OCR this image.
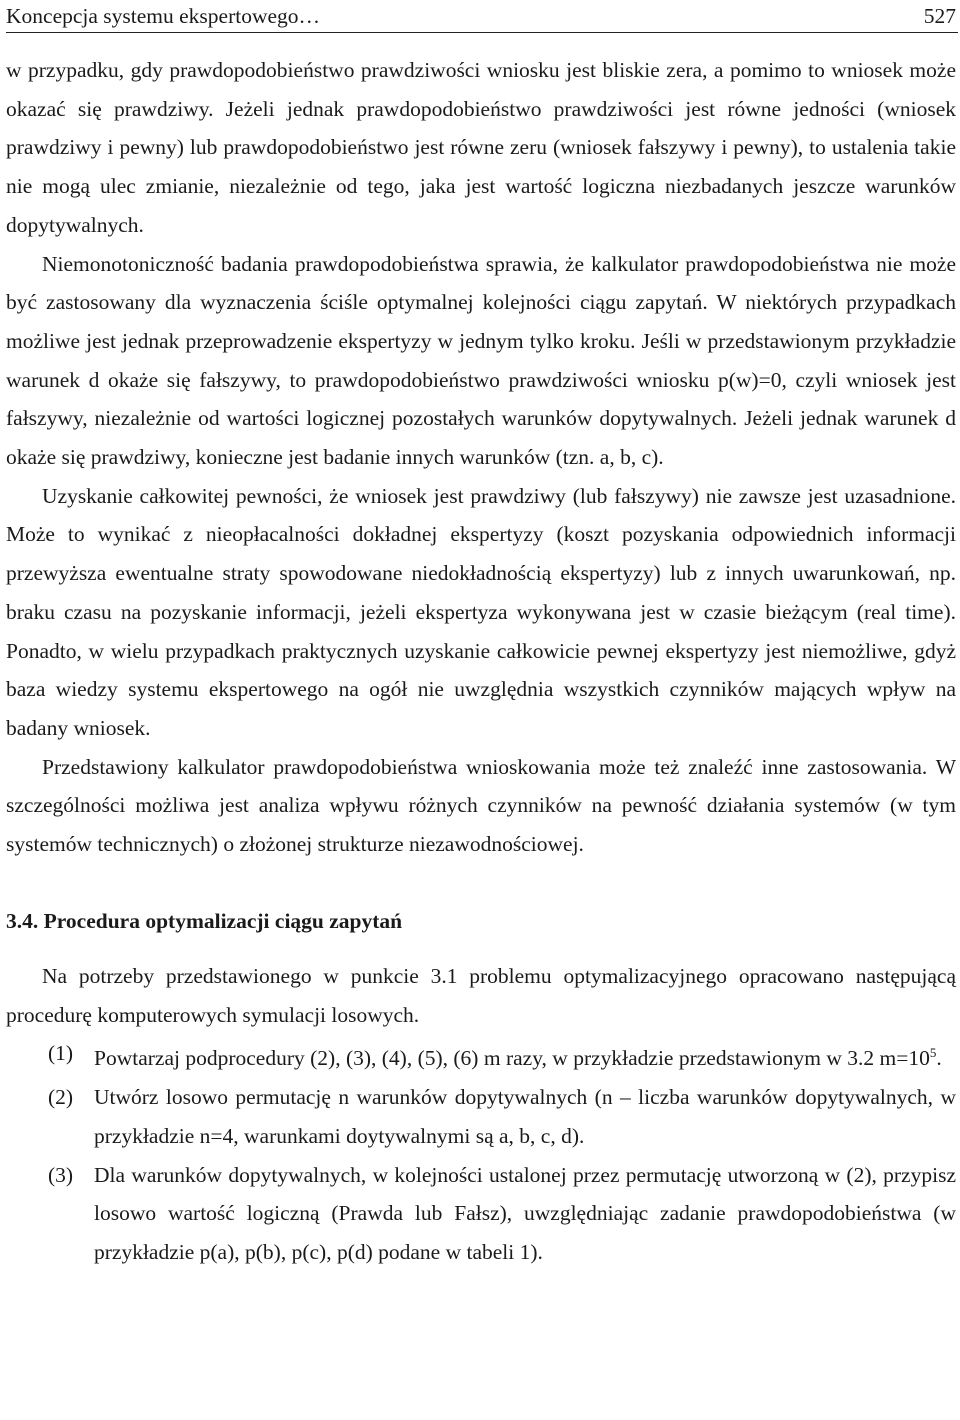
Koncepcja systemu ekspertowego…	527

w przypadku, gdy prawdopodobieństwo prawdziwości wniosku jest bliskie zera, a pomimo to wniosek może okazać się prawdziwy. Jeżeli jednak prawdopodobieństwo prawdziwości jest równe jedności (wniosek prawdziwy i pewny) lub prawdopodobieństwo jest równe zeru (wniosek fałszywy i pewny), to ustalenia takie nie mogą ulec zmianie, niezależnie od tego, jaka jest wartość logiczna niezbadanych jeszcze warunków dopytywalnych.

Niemonotoniczność badania prawdopodobieństwa sprawia, że kalkulator prawdopodobieństwa nie może być zastosowany dla wyznaczenia ściśle optymalnej kolejności ciągu zapytań. W niektórych przypadkach możliwe jest jednak przeprowadzenie ekspertyzy w jednym tylko kroku. Jeśli w przedstawionym przykładzie warunek d okaże się fałszywy, to prawdopodobieństwo prawdziwości wniosku p(w)=0, czyli wniosek jest fałszywy, niezależnie od wartości logicznej pozostałych warunków dopytywalnych. Jeżeli jednak warunek d okaże się prawdziwy, konieczne jest badanie innych warunków (tzn. a, b, c).

Uzyskanie całkowitej pewności, że wniosek jest prawdziwy (lub fałszywy) nie zawsze jest uzasadnione. Może to wynikać z nieopłacalności dokładnej ekspertyzy (koszt pozyskania odpowiednich informacji przewyższa ewentualne straty spowodowane niedokładnością ekspertyzy) lub z innych uwarunkowań, np. braku czasu na pozyskanie informacji, jeżeli ekspertyza wykonywana jest w czasie bieżącym (real time). Ponadto, w wielu przypadkach praktycznych uzyskanie całkowicie pewnej ekspertyzy jest niemożliwe, gdyż baza wiedzy systemu ekspertowego na ogół nie uwzględnia wszystkich czynników mających wpływ na badany wniosek.

Przedstawiony kalkulator prawdopodobieństwa wnioskowania może też znaleźć inne zastosowania. W szczególności możliwa jest analiza wpływu różnych czynników na pewność działania systemów (w tym systemów technicznych) o złożonej strukturze niezawodnościowej.

3.4. Procedura optymalizacji ciągu zapytań

Na potrzeby przedstawionego w punkcie 3.1 problemu optymalizacyjnego opracowano następującą procedurę komputerowych symulacji losowych.

(1) Powtarzaj podprocedury (2), (3), (4), (5), (6) m razy, w przykładzie przedstawionym w 3.2 $m=10^5$.
(2) Utwórz losowo permutację n warunków dopytywalnych (n – liczba warunków dopytywalnych, w przykładzie n=4, warunkami doytywalnymi są a, b, c, d).
(3) Dla warunków dopytywalnych, w kolejności ustalonej przez permutację utworzoną w (2), przypisz losowo wartość logiczną (Prawda lub Fałsz), uwzględniając zadanie prawdopodobieństwa (w przykładzie p(a), p(b), p(c), p(d) podane w tabeli 1).
